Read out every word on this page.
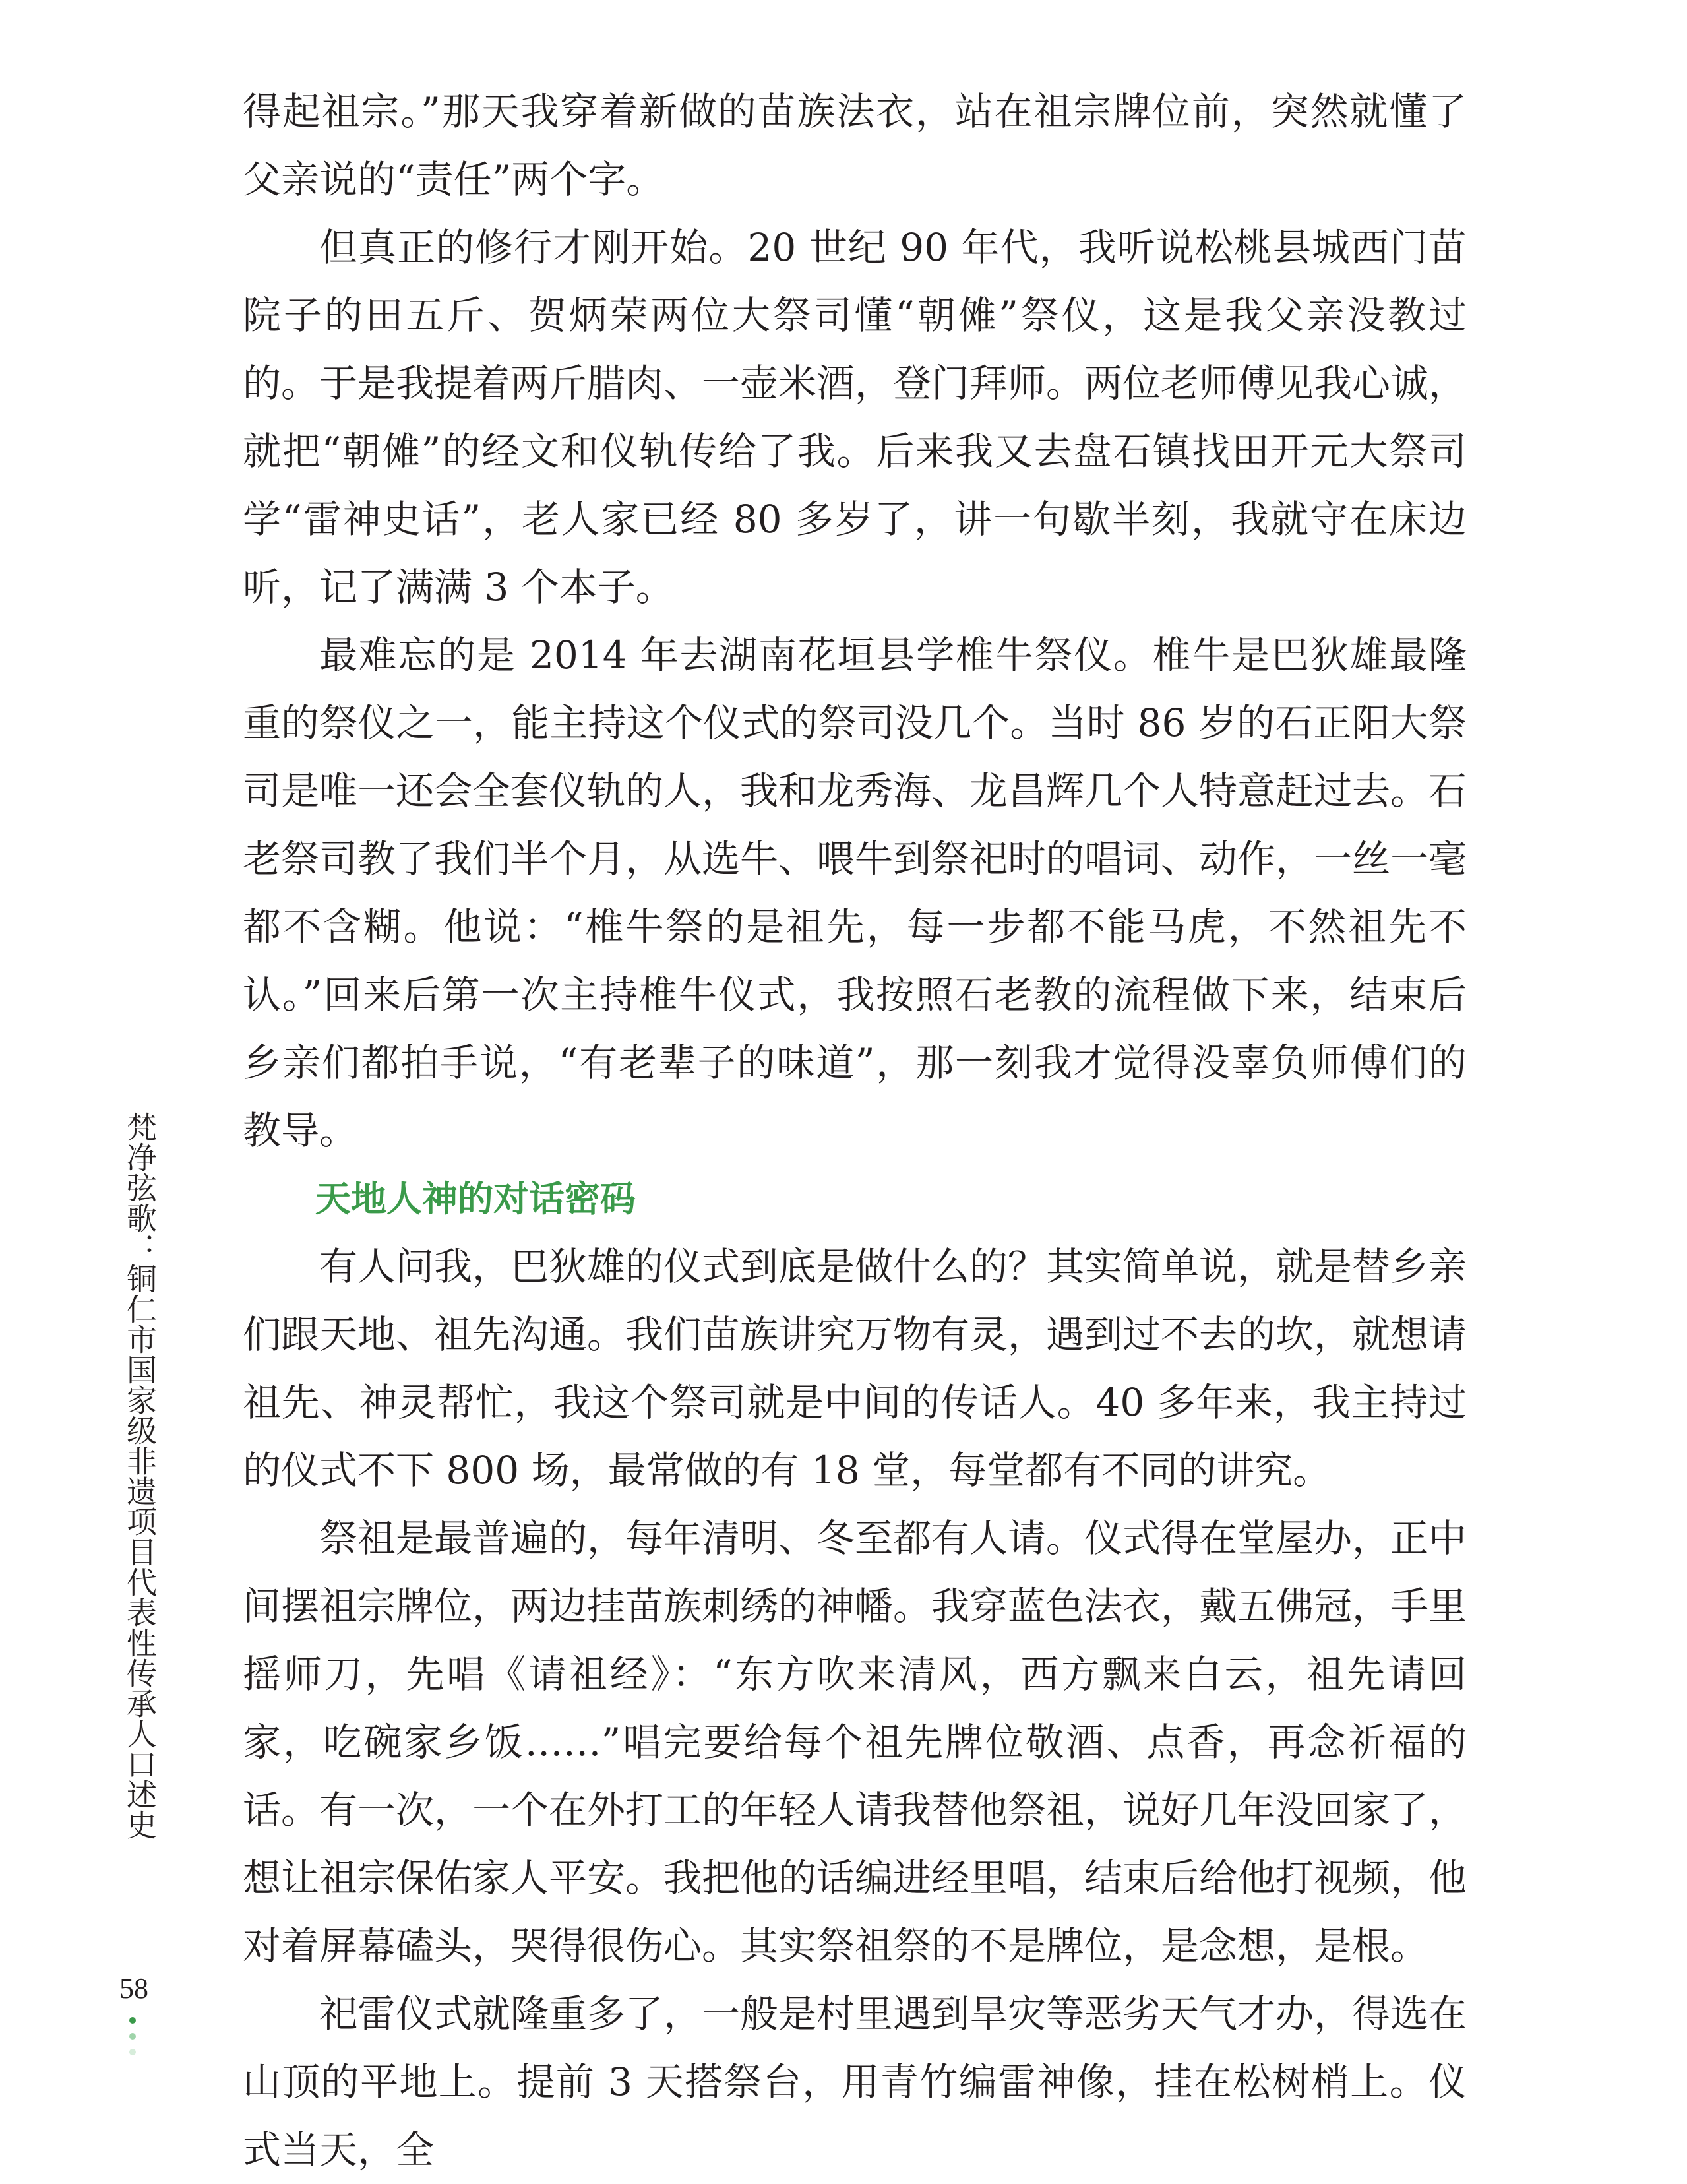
得起祖宗。”那天我穿着新做的苗族法衣，站在祖宗牌位前，突然就懂了父亲说的“责任”两个字。

但真正的修行才刚开始。20 世纪 90 年代，我听说松桃县城西门苗院子的田五斤、贺炳荣两位大祭司懂“朝傩”祭仪，这是我父亲没教过的。于是我提着两斤腊肉、一壶米酒，登门拜师。两位老师傅见我心诚，就把“朝傩”的经文和仪轨传给了我。后来我又去盘石镇找田开元大祭司学“雷神史话”，老人家已经 80 多岁了，讲一句歇半刻，我就守在床边听，记了满满 3 个本子。

最难忘的是 2014 年去湖南花垣县学椎牛祭仪。椎牛是巴狄雄最隆重的祭仪之一，能主持这个仪式的祭司没几个。当时 86 岁的石正阳大祭司是唯一还会全套仪轨的人，我和龙秀海、龙昌辉几个人特意赶过去。石老祭司教了我们半个月，从选牛、喂牛到祭祀时的唱词、动作，一丝一毫都不含糊。他说：“椎牛祭的是祖先，每一步都不能马虎，不然祖先不认。”回来后第一次主持椎牛仪式，我按照石老教的流程做下来，结束后乡亲们都拍手说，“有老辈子的味道”，那一刻我才觉得没辜负师傅们的教导。

天地人神的对话密码

有人问我，巴狄雄的仪式到底是做什么的？其实简单说，就是替乡亲们跟天地、祖先沟通。我们苗族讲究万物有灵，遇到过不去的坎，就想请祖先、神灵帮忙，我这个祭司就是中间的传话人。40 多年来，我主持过的仪式不下 800 场，最常做的有 18 堂，每堂都有不同的讲究。

祭祖是最普遍的，每年清明、冬至都有人请。仪式得在堂屋办，正中间摆祖宗牌位，两边挂苗族刺绣的神幡。我穿蓝色法衣，戴五佛冠，手里摇师刀，先唱《请祖经》：“东方吹来清风，西方飘来白云，祖先请回家，吃碗家乡饭……”唱完要给每个祖先牌位敬酒、点香，再念祈福的话。有一次，一个在外打工的年轻人请我替他祭祖，说好几年没回家了，想让祖宗保佑家人平安。我把他的话编进经里唱，结束后给他打视频，他对着屏幕磕头，哭得很伤心。其实祭祖祭的不是牌位，是念想，是根。

祀雷仪式就隆重多了，一般是村里遇到旱灾等恶劣天气才办，得选在山顶的平地上。提前 3 天搭祭台，用青竹编雷神像，挂在松树梢上。仪式当天，全

梵净弦歌：铜仁市国家级非遗项目代表性传承人口述史
58
